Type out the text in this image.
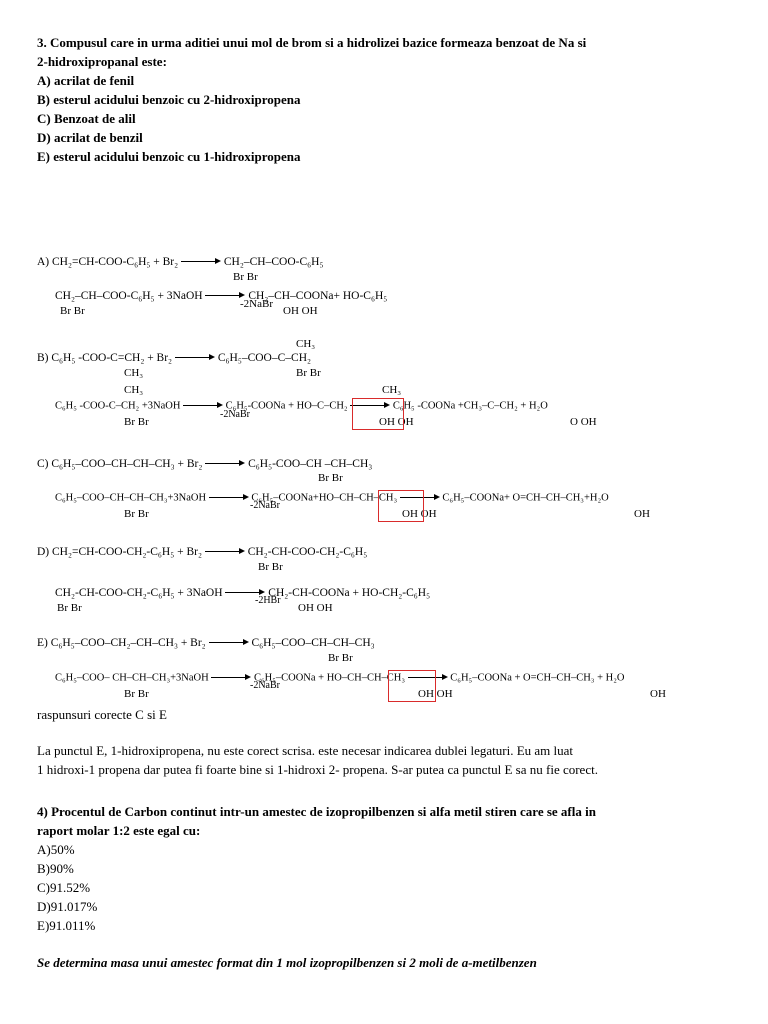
3. Compusul care in urma aditiei unui mol de brom si a hidrolizei bazice formeaza benzoat de Na si
2-hidroxipropanal este:
A) acrilat de fenil
B) esterul acidului benzoic cu 2-hidroxipropena
C) Benzoat de alil
D) acrilat de benzil
E) esterul acidului benzoic cu 1-hidroxipropena
A) CH₂=CH-COO-C₆H₅ + Br₂	CH₂–CH–COO-C₆H₅
Br Br
CH₂–CH–COO-C₆H₅ + 3NaOH	CH₂–CH–COONa+ HO-C₆H₅
-2NaBr
Br Br	OH OH
CH₃
B) C₆H₅ -COO-C=CH₂ + Br₂	C₆H₅–COO–C–CH₂
CH₃	Br Br
CH₃	CH₃
C₆H₅ -COO-C–CH₂ +3NaOH	C₆H₅-COONa + HO–C–CH₂	C₆H₅ -COONa +CH₃–C–CH₂ + H₂O
-2NaBr
Br Br	OH OH	O OH
C) C₆H₅–COO–CH–CH–CH₃ + Br₂	C₆H₅-COO–CH –CH–CH₃
Br Br
C₆H₅–COO–CH–CH–CH₃+3NaOH	C₆H₅–COONa+HO–CH–CH–CH₃	C₆H₅–COONa+ O=CH–CH–CH₃+H₂O
-2NaBr
Br Br	OH OH	OH
D) CH₂=CH-COO-CH₂-C₆H₅ + Br₂	CH₂-CH-COO-CH₂-C₆H₅
Br Br
CH₂-CH-COO-CH₂-C₆H₅ + 3NaOH	CH₂-CH-COONa + HO-CH₂-C₆H₅
-2HBr
Br Br	OH OH
E) C₆H₅–COO–CH₂–CH–CH₃ + Br₂	C₆H₅–COO–CH–CH–CH₃
Br Br
C₆H₅–COO– CH–CH–CH₃+3NaOH	C₆H₅–COONa + HO–CH–CH–CH₃	C₆H₅–COONa + O=CH–CH–CH₃ + H₂O
-2NaBr
Br Br	OH OH	OH
raspunsuri corecte C si E
La punctul E, 1-hidroxipropena, nu este corect scrisa. este necesar indicarea dublei legaturi. Eu am luat
1 hidroxi-1 propena dar putea fi foarte bine si 1-hidroxi 2- propena. S-ar putea ca punctul E sa nu fie corect.
4) Procentul de Carbon continut intr-un amestec de izopropilbenzen si alfa metil stiren care se afla in
raport molar 1:2 este egal cu:
A)50%
B)90%
C)91.52%
D)91.017%
E)91.011%
Se determina masa unui amestec format din 1 mol izopropilbenzen si 2 moli de a-metilbenzen
